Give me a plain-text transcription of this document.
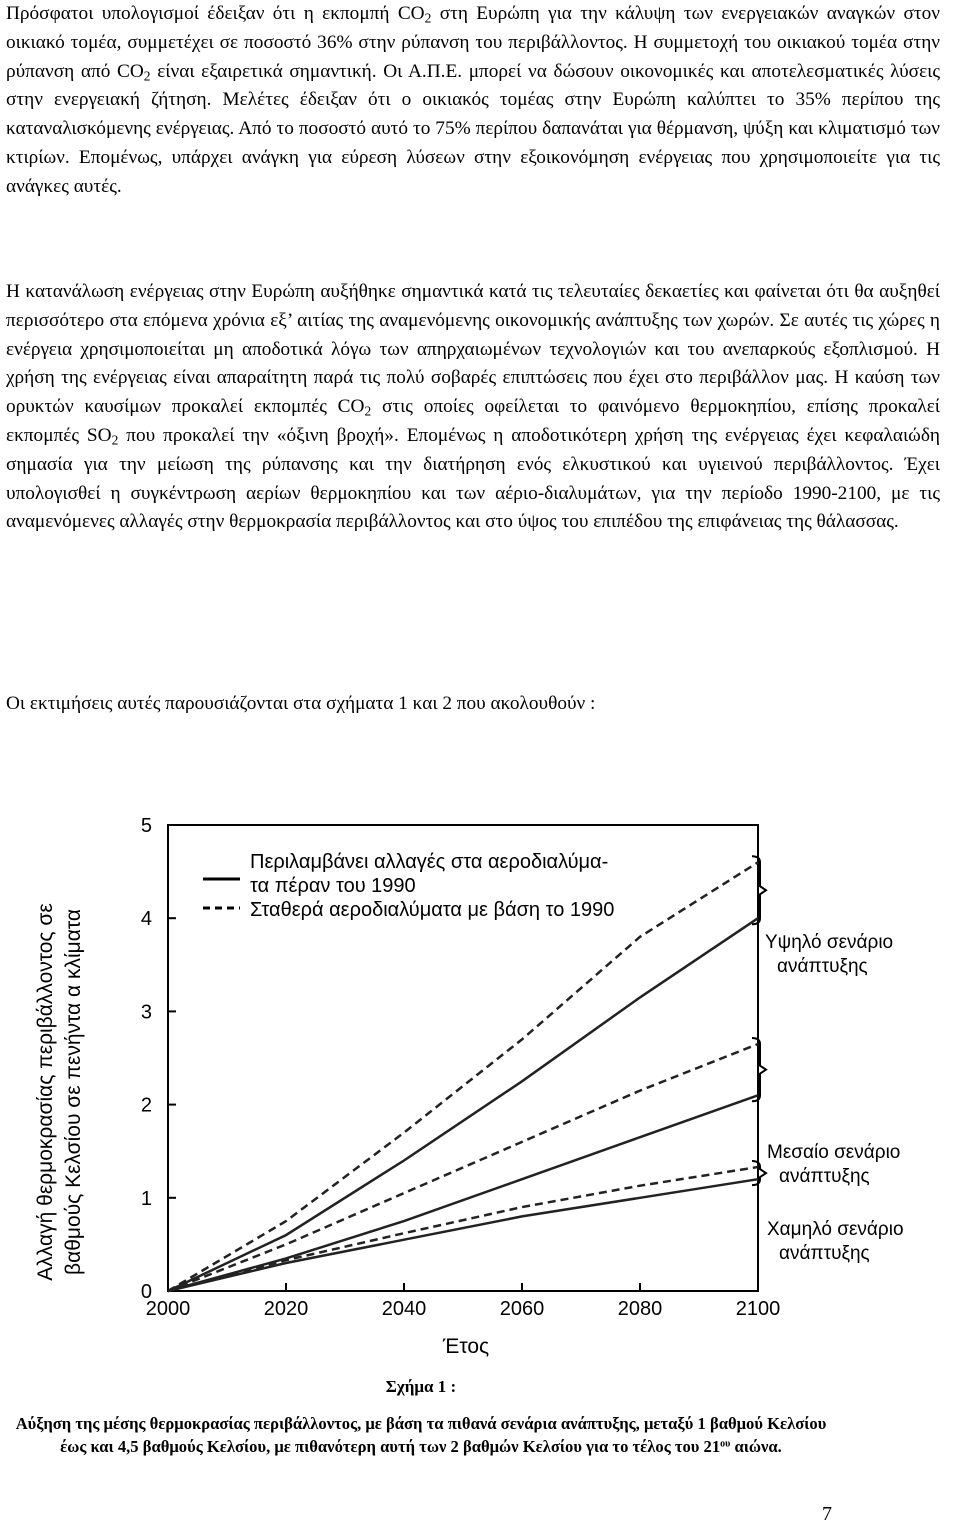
Πρόσφατοι υπολογισμοί έδειξαν ότι η εκπομπή $CO_2$ στη Ευρώπη για την κάλυψη των ενεργειακών αναγκών στον οικιακό τομέα, συμμετέχει σε ποσοστό 36% στην ρύπανση του περιβάλλοντος. Η συμμετοχή του οικιακού τομέα στην ρύπανση από $CO_2$ είναι εξαιρετικά σημαντική. Οι Α.Π.Ε. μπορεί να δώσουν οικονομικές και αποτελεσματικές λύσεις στην ενεργειακή ζήτηση. Μελέτες έδειξαν ότι ο οικιακός τομέας στην Ευρώπη καλύπτει το 35% περίπου της καταναλισκόμενης ενέργειας. Από το ποσοστό αυτό το 75% περίπου δαπανάται για θέρμανση, ψύξη και κλιματισμό των κτιρίων. Επομένως, υπάρχει ανάγκη για εύρεση λύσεων στην εξοικονόμηση ενέργειας που χρησιμοποιείτε για τις ανάγκες αυτές.

Η κατανάλωση ενέργειας στην Ευρώπη αυξήθηκε σημαντικά κατά τις τελευταίες δεκαετίες και φαίνεται ότι θα αυξηθεί περισσότερο στα επόμενα χρόνια εξ’ αιτίας της αναμενόμενης οικονομικής ανάπτυξης των χωρών. Σε αυτές τις χώρες η ενέργεια χρησιμοποιείται μη αποδοτικά λόγω των απηρχαιωμένων τεχνολογιών και του ανεπαρκούς εξοπλισμού. Η χρήση της ενέργειας είναι απαραίτητη παρά τις πολύ σοβαρές επιπτώσεις που έχει στο περιβάλλον μας. Η καύση των ορυκτών καυσίμων προκαλεί εκπομπές $CO_2$ στις οποίες οφείλεται το φαινόμενο θερμοκηπίου, επίσης προκαλεί εκπομπές $SO_2$ που προκαλεί την «όξινη βροχή». Επομένως η αποδοτικότερη χρήση της ενέργειας έχει κεφαλαιώδη σημασία για την μείωση της ρύπανσης και την διατήρηση ενός ελκυστικού και υγιεινού περιβάλλοντος. Έχει υπολογισθεί η συγκέντρωση αερίων θερμοκηπίου και των αέριο-διαλυμάτων, για την περίοδο 1990-2100, με τις αναμενόμενες αλλαγές στην θερμοκρασία περιβάλλοντος και στο ύψος του επιπέδου της επιφάνειας της θάλασσας.

Οι εκτιμήσεις αυτές παρουσιάζονται στα σχήματα 1 και 2 που ακολουθούν :

Αλλαγή θερμοκρασίας περιβάλλοντος σε βαθμούς Κελσίου σε πενήντα α κλίματα
Έτος
2000	2020	2040	2060	2080	2100
0
1
2
3
4
5
Περιλαμβάνει αλλαγές στα αεροδιαλύμα-
τα πέραν του 1990
Σταθερά αεροδιαλύματα με βάση το 1990
Υψηλό σενάριο
ανάπτυξης
Μεσαίο σενάριο
ανάπτυξης
Χαμηλό σενάριο
ανάπτυξης
Σχήμα 1 :
Αύξηση της μέσης θερμοκρασίας περιβάλλοντος, με βάση τα πιθανά σενάρια ανάπτυξης, μεταξύ 1 βαθμού Κελσίου έως και 4,5 βαθμούς Κελσίου, με πιθανότερη αυτή των 2 βαθμών Κελσίου για το τέλος του $21^{o\upsilon}$ αιώνα.
7
